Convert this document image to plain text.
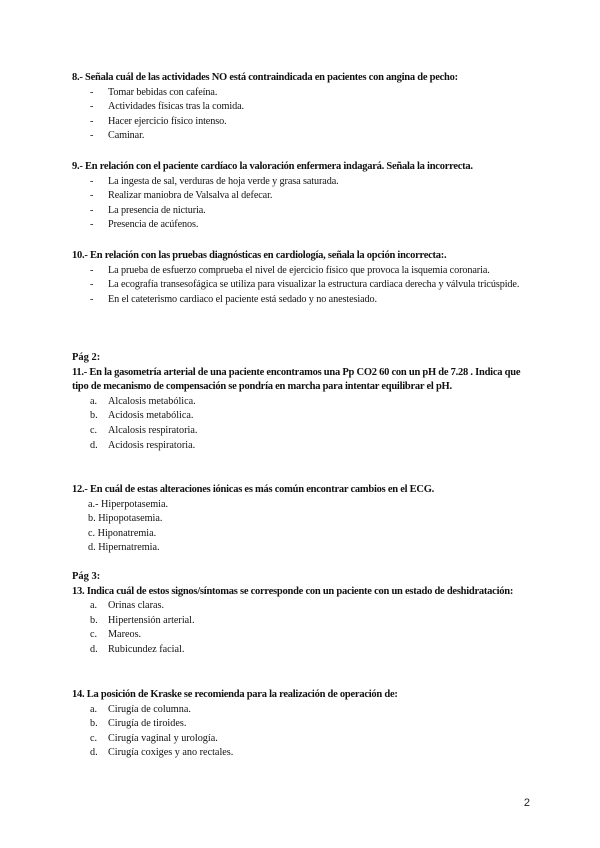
8.- Señala cuál de las actividades NO está contraindicada en pacientes con angina de pecho:
- Tomar bebidas con cafeína.
- Actividades físicas tras la comida.
- Hacer ejercicio físico intenso.
- Caminar.
9.- En relación con el paciente cardíaco la valoración enfermera indagará. Señala la incorrecta.
- La ingesta de sal, verduras de hoja verde y grasa saturada.
- Realizar maniobra de Valsalva al defecar.
- La presencia de nicturia.
- Presencia de acúfenos.
10.- En relación con las pruebas diagnósticas en cardiología, señala la opción incorrecta:.
- La prueba de esfuerzo comprueba el nivel de ejercicio físico que provoca la isquemia coronaria.
- La ecografía transesofágica se utiliza para visualizar la estructura cardiaca derecha y válvula tricúspide.
- En el cateterismo cardiaco el paciente está sedado y no anestesiado.
Pág 2:
11.- En la gasometría arterial de una paciente encontramos una Pp CO2 60 con un pH de 7.28 . Indica que tipo de mecanismo de compensación se pondría en marcha para intentar equilibrar el pH.
a. Alcalosis metabólica.
b. Acidosis metabólica.
c. Alcalosis respiratoria.
d. Acidosis respiratoria.
12.- En cuál de estas alteraciones iónicas es más común encontrar cambios en el ECG.
a.- Hiperpotasemia.
b. Hipopotasemia.
c. Hiponatremia.
d. Hipernatremia.
Pág 3:
13. Indica cuál de estos signos/síntomas se corresponde con un paciente con un estado de deshidratación:
a. Orinas claras.
b. Hipertensión arterial.
c. Mareos.
d. Rubicundez facial.
14. La posición de Kraske se recomienda para la realización de operación de:
a. Cirugía de columna.
b. Cirugía de tiroides.
c. Cirugía vaginal y urología.
d. Cirugía coxiges y ano rectales.
2
